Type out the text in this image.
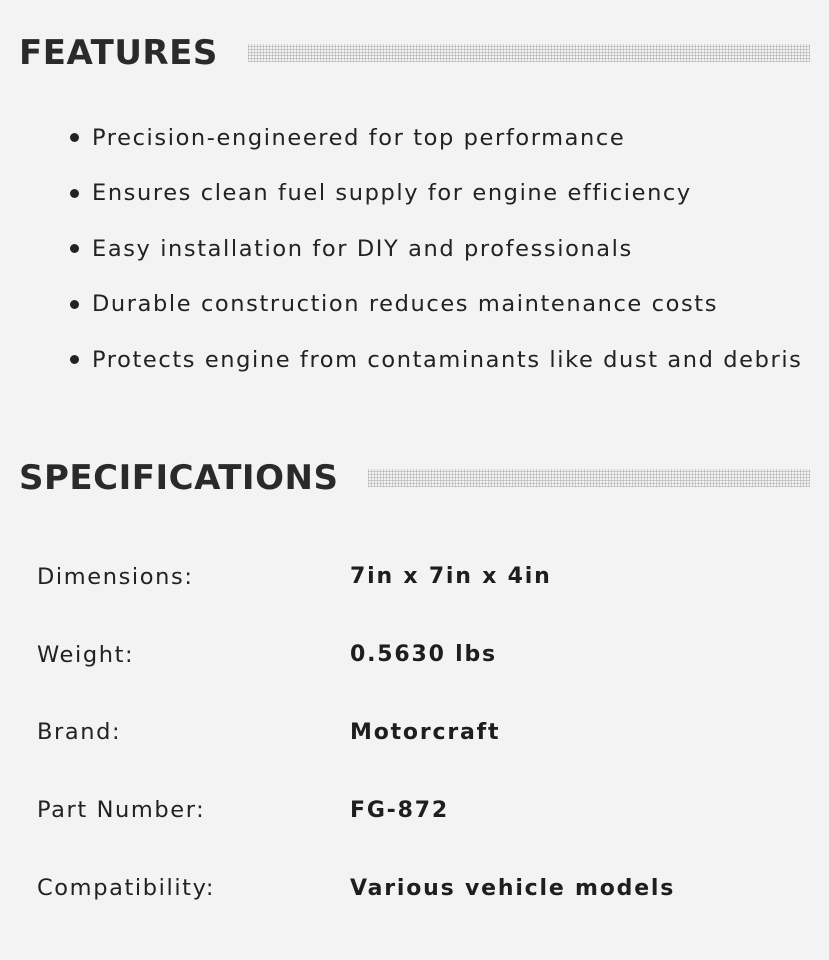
FEATURES
Precision-engineered for top performance
Ensures clean fuel supply for engine efficiency
Easy installation for DIY and professionals
Durable construction reduces maintenance costs
Protects engine from contaminants like dust and debris
SPECIFICATIONS
Dimensions:	7in x 7in x 4in
Weight:	0.5630 lbs
Brand:	Motorcraft
Part Number:	FG-872
Compatibility:	Various vehicle models
